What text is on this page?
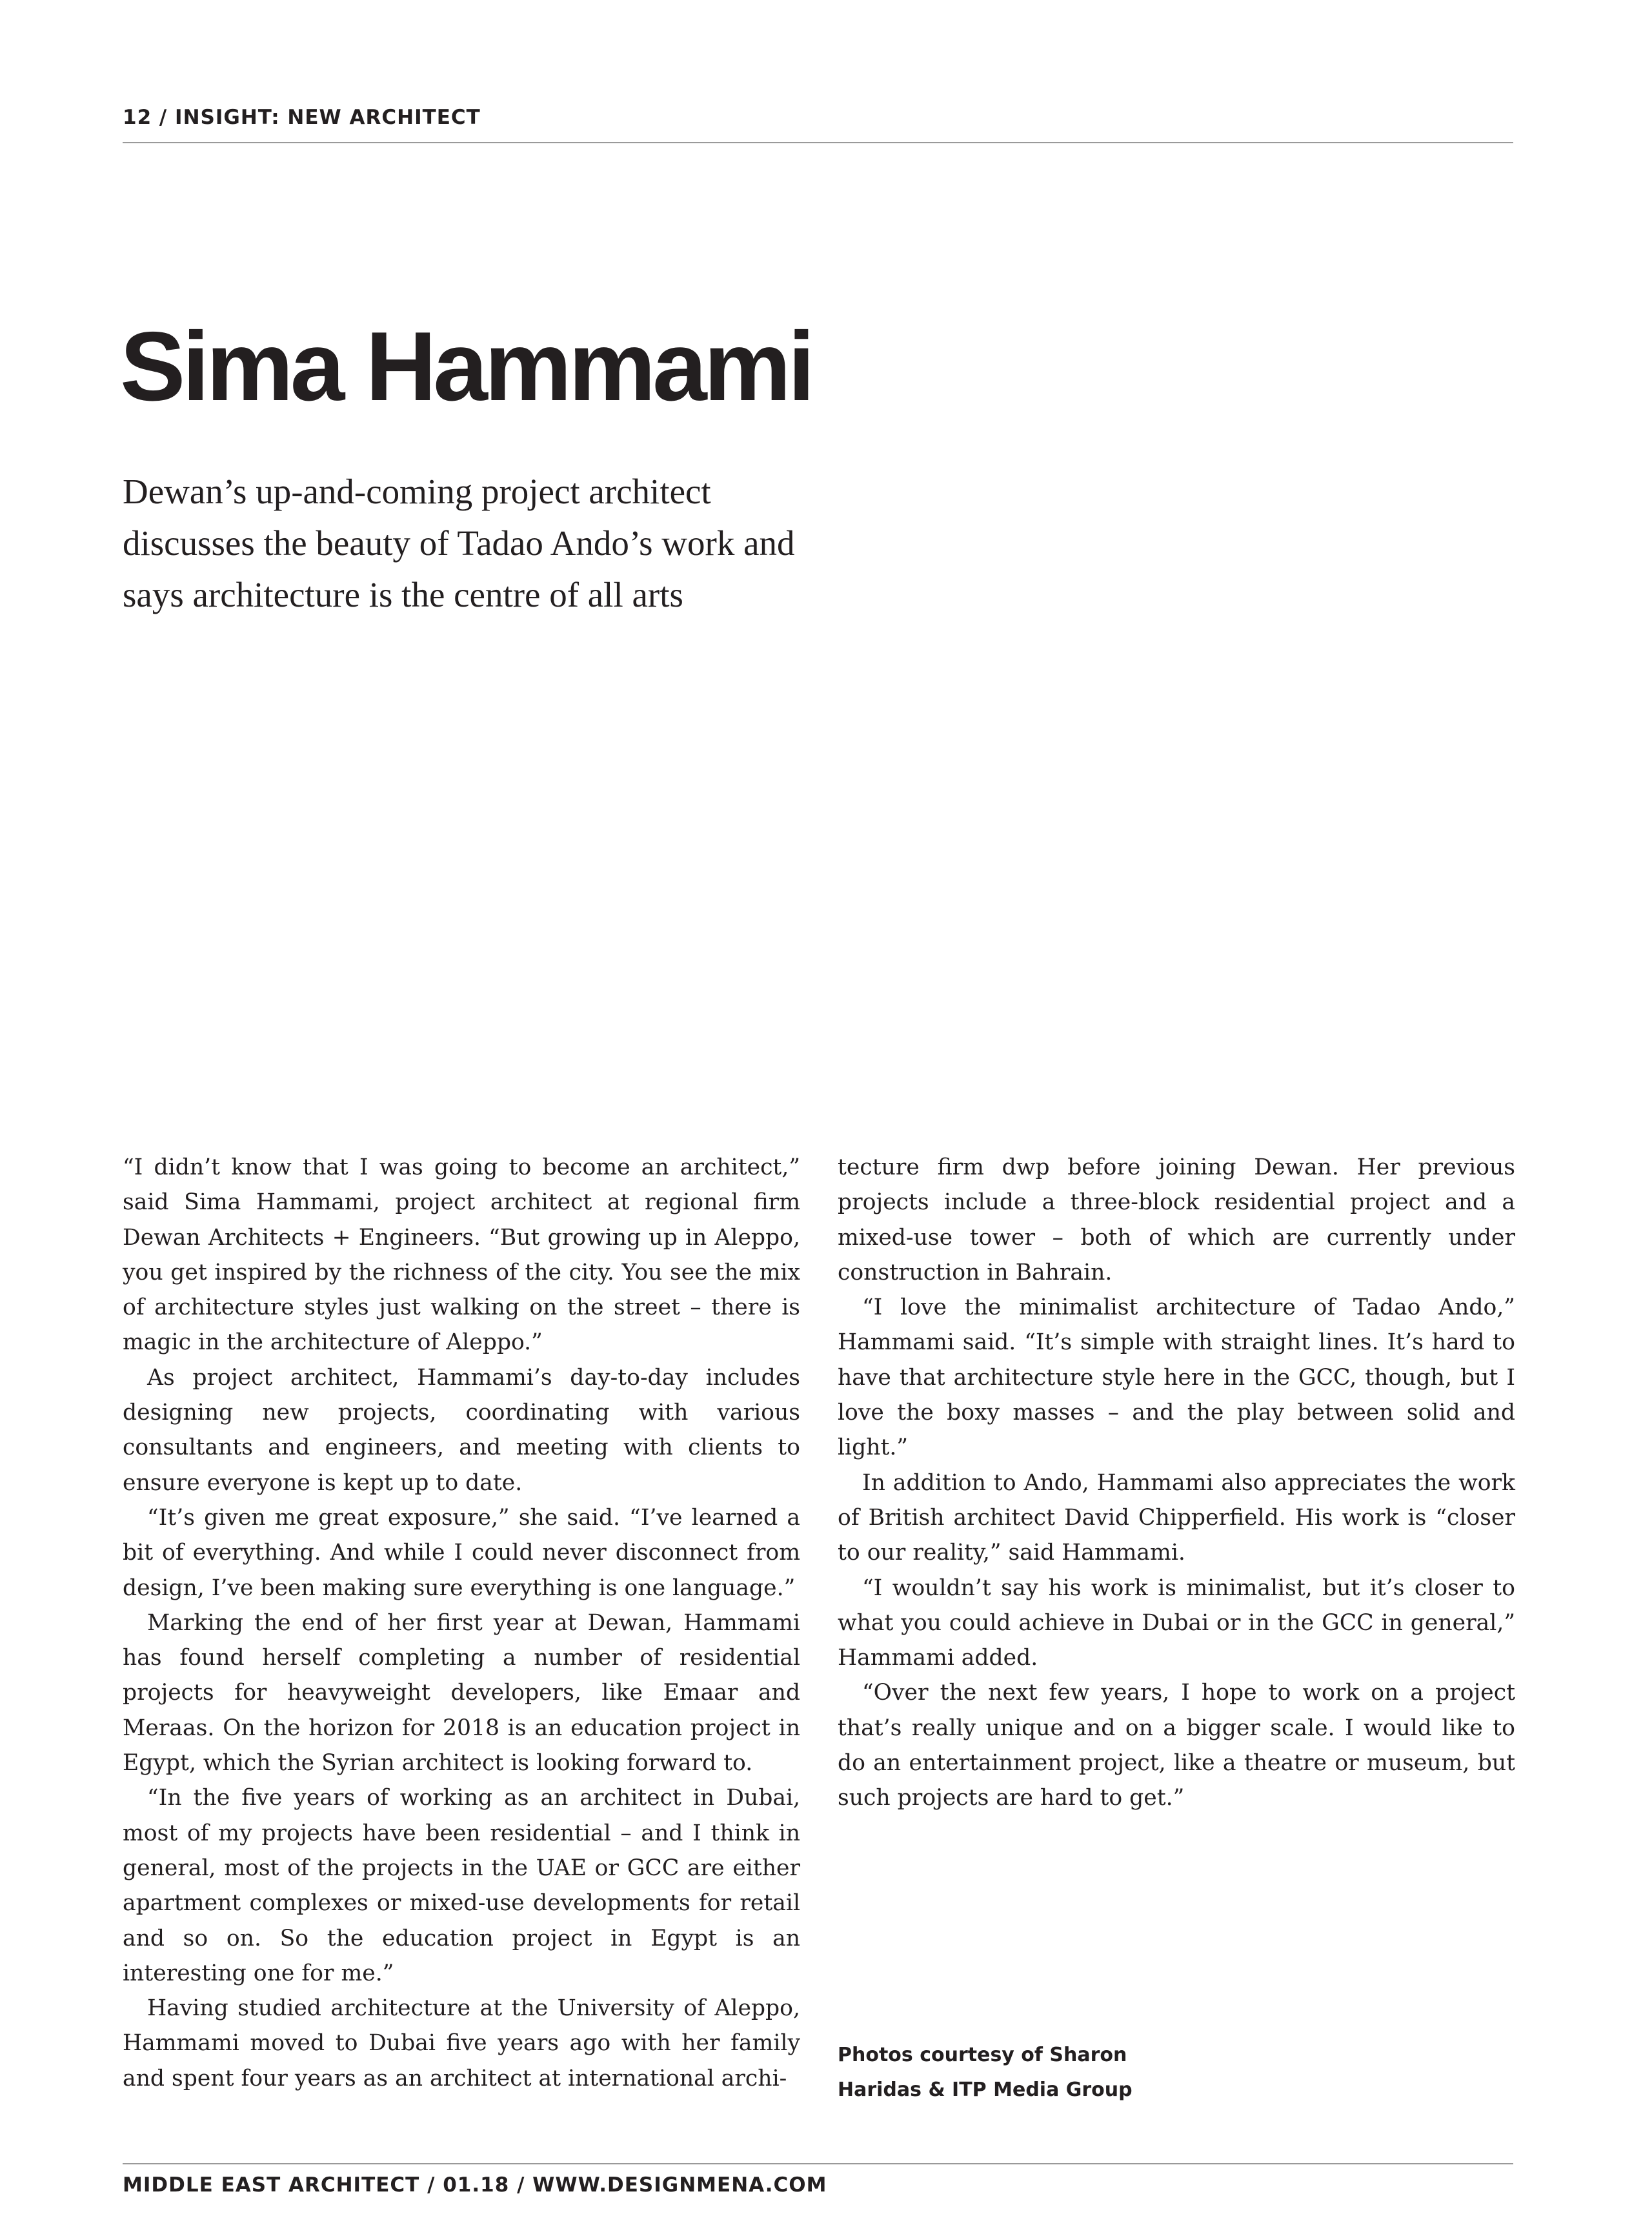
12 / INSIGHT: NEW ARCHITECT
Sima Hammami

Dewan’s up-and-coming project architect discusses the beauty of Tadao Ando’s work and says architecture is the centre of all arts

“I didn’t know that I was going to become an architect,” said Sima Hammami, project architect at regional firm Dewan Architects + Engineers. “But growing up in Aleppo, you get inspired by the richness of the city. You see the mix of architecture styles just walking on the street – there is magic in the architecture of Aleppo.”

As project architect, Hammami’s day-to-day includes designing new projects, coordinating with various consultants and engineers, and meeting with clients to ensure everyone is kept up to date.

“It’s given me great exposure,” she said. “I’ve learned a bit of everything. And while I could never disconnect from design, I’ve been making sure everything is one language.”

Marking the end of her first year at Dewan, Hammami has found herself completing a number of residential projects for heavyweight developers, like Emaar and Meraas. On the horizon for 2018 is an education project in Egypt, which the Syrian architect is looking forward to.

“In the five years of working as an architect in Dubai, most of my projects have been residential – and I think in general, most of the projects in the UAE or GCC are either apartment complexes or mixed-use developments for retail and so on. So the education project in Egypt is an interesting one for me.”

Having studied architecture at the University of Aleppo, Hammami moved to Dubai five years ago with her family and spent four years as an architect at international archi-

tecture firm dwp before joining Dewan. Her previous projects include a three-block residential project and a mixed-use tower – both of which are currently under construction in Bahrain.

“I love the minimalist architecture of Tadao Ando,” Hammami said. “It’s simple with straight lines. It’s hard to have that architecture style here in the GCC, though, but I love the boxy masses – and the play between solid and light.”

In addition to Ando, Hammami also appreciates the work of British architect David Chipperfield. His work is “closer to our reality,” said Hammami.

“I wouldn’t say his work is minimalist, but it’s closer to what you could achieve in Dubai or in the GCC in general,” Hammami added.

“Over the next few years, I hope to work on a project that’s really unique and on a bigger scale. I would like to do an entertainment project, like a theatre or museum, but such projects are hard to get.”

Photos courtesy of Sharon Haridas & ITP Media Group

MIDDLE EAST ARCHITECT / 01.18 / WWW.DESIGNMENA.COM
